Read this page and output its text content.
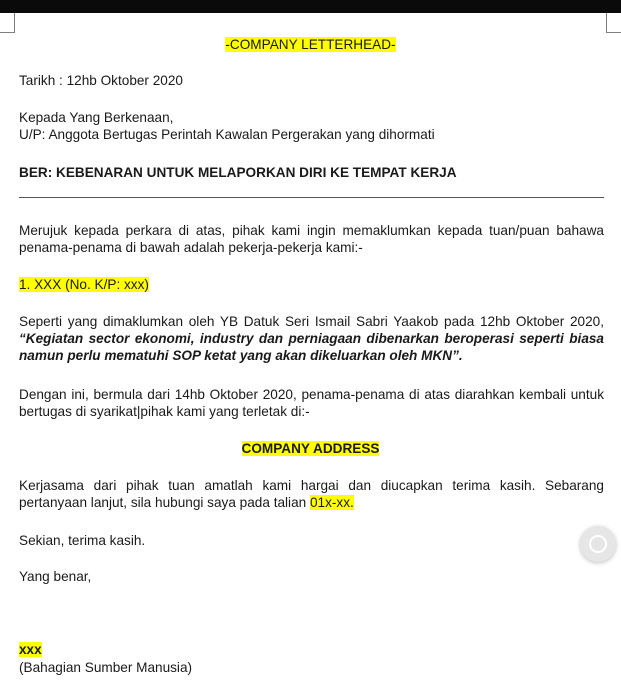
-COMPANY LETTERHEAD-
Tarikh : 12hb Oktober 2020
Kepada Yang Berkenaan,
U/P: Anggota Bertugas Perintah Kawalan Pergerakan yang dihormati
BER: KEBENARAN UNTUK MELAPORKAN DIRI KE TEMPAT KERJA
Merujuk kepada perkara di atas, pihak kami ingin memaklumkan kepada tuan/puan bahawa
penama-penama di bawah adalah pekerja-pekerja kami:-
1. XXX (No. K/P: xxx)
Seperti yang dimaklumkan oleh YB Datuk Seri Ismail Sabri Yaakob pada 12hb Oktober 2020,
“Kegiatan sector ekonomi, industry dan perniagaan dibenarkan beroperasi seperti biasa
namun perlu mematuhi SOP ketat yang akan dikeluarkan oleh MKN”.
Dengan ini, bermula dari 14hb Oktober 2020, penama-penama di atas diarahkan kembali untuk
bertugas di syarikat|pihak kami yang terletak di:-
COMPANY ADDRESS
Kerjasama dari pihak tuan amatlah kami hargai dan diucapkan terima kasih. Sebarang
pertanyaan lanjut, sila hubungi saya pada talian 01x-xx.
Sekian, terima kasih.
Yang benar,
xxx
(Bahagian Sumber Manusia)
